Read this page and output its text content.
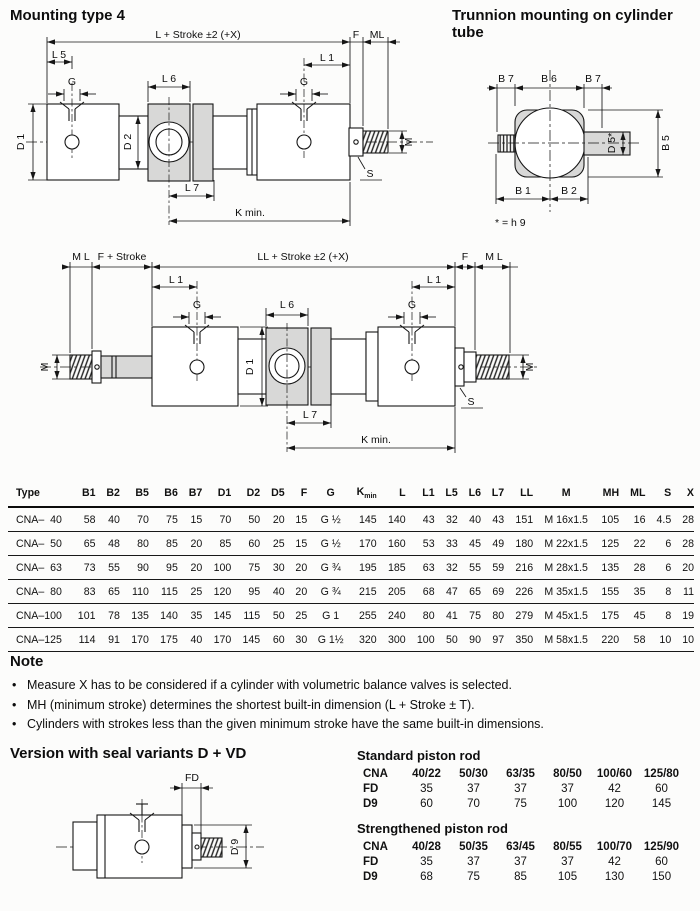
Mounting type 4	Trunnion mounting on cylinder tube
L + Stroke ±2 (+X)	F ML
L 5	L 1
G	G
L 6
D 1	D 2	M
S
L 7
K min.
B 7	B 6	B 7
D 5*	B 5
B 1	B 2
* = h 9
M L F + Stroke	LL + Stroke ±2 (+X)	F M L
L 1	L 1
G	G
L 6
M	M
D 1
S
L 7
K min.
Type	B1	B2	B5	B6	B7	D1	D2	D5	F	G	$K_{min}$	L	L1	L5	L6	L7	LL	M	MH	ML	S	X
CNA–  40	58	40	70	75	15	70	50	20	15	G ½	145	140	43	32	40	43	151	M 16x1.5	105	16	4.5	28
CNA–  50	65	48	80	85	20	85	60	25	15	G ½	170	160	53	33	45	49	180	M 22x1.5	125	22	6	28
CNA–  63	73	55	90	95	20	100	75	30	20	G ¾	195	185	63	32	55	59	216	M 28x1.5	135	28	6	20
CNA–  80	83	65	110	115	25	120	95	40	20	G ¾	215	205	68	47	65	69	226	M 35x1.5	155	35	8	11
CNA–100	101	78	135	140	35	145	115	50	25	G 1	255	240	80	41	75	80	279	M 45x1.5	175	45	8	19
CNA–125	114	91	170	175	40	170	145	60	30	G 1½	320	300	100	50	90	97	350	M 58x1.5	220	58	10	10
Note
• Measure X has to be considered if a cylinder with volumetric balance valves is selected.
• MH (minimum stroke) determines the shortest built-in dimension (L + Stroke ± T).
• Cylinders with strokes less than the given minimum stroke have the same built-in dimensions.
Version with seal variants D + VD
FD
D 9
Standard piston rod
CNA	40/22	50/30	63/35	80/50	100/60	125/80
FD	35	37	37	37	42	60
D9	60	70	75	100	120	145
Strengthened piston rod
CNA	40/28	50/35	63/45	80/55	100/70	125/90
FD	35	37	37	37	42	60
D9	68	75	85	105	130	150
